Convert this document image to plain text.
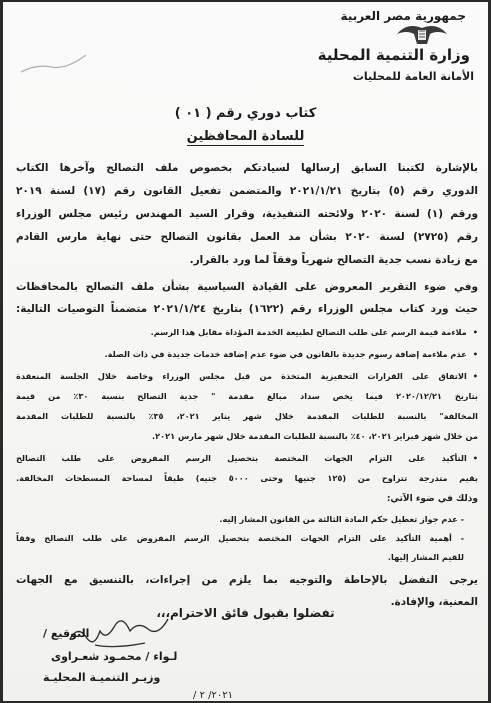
جمهورية مصر العربية
وزارة التنمية المحلية
الأمانة العامة للمحليات
كتاب دوري رقم ( ٠١ )
للسادة المحافظين
بالإشارة لكتبنا السابق إرسالها لسيادتكم بخصوص ملف التصالح وآخرها الكتاب
الدوري رقم (٥) بتاريخ ٢٠٢١/١/٢١ والمتضمن تفعيل القانون رقم (١٧) لسنة ٢٠١٩
ورقم (١) لسنة ٢٠٢٠ ولائحته التنفيذية، وقرار السيد المهندس رئيس مجلس الوزراء
رقم (٢٧٢٥) لسنة ٢٠٢٠ بشأن مد العمل بقانون التصالح حتى نهاية مارس القادم
مع زيادة نسب جدية التصالح شهرياً وفقاً لما ورد بالقرار.
وفي ضوء التقرير المعروض على القيادة السياسية بشأن ملف التصالح بالمحافظات
حيث ورد كتاب مجلس الوزراء رقم (١٦٢٢) بتاريخ ٢٠٢١/١/٢٤ متضمناً التوصيات التالية:
• ملاءمة قيمة الرسم على طلب التصالح لطبيعة الخدمة المؤداة مقابل هذا الرسم.
• عدم ملاءمة إضافة رسوم جديدة بالقانون في ضوء عدم إضافة خدمات جديدة في ذات الصلة.
• الاتفاق على القرارات التحفيزية المتخذة من قبل مجلس الوزراء وخاصة خلال الجلسة المنعقدة
بتاريخ ٢٠٢٠/١٢/٢١ فيما يخص سداد مبالغ مقدمة " جدية التصالح بنسبة ٣٠٪ من قيمة
المخالفة" بالنسبة للطلبات المقدمة خلال شهر يناير ٢٠٢١، ٣٥٪ بالنسبة للطلبات المقدمة
من خلال شهر فبراير ٢٠٢١، ٤٠٪ بالنسبة للطلبات المقدمة خلال شهر مارس ٢٠٢١.
• التأكيد على التزام الجهات المختصة بتحصيل الرسم المفروض على طلب التصالح
بقيم متدرجة تتراوح من (١٢٥ جنيها وحتى ٥٠٠٠ جنيه) طبقاً لمساحة المسطحات المخالفة.
وذلك في ضوء الآتي:
- عدم جواز تعطيل حكم المادة الثالثة من القانون المشار إليه.
- أهمية التأكيد على التزام الجهات المختصة بتحصيل الرسم المفروض على طلب التصالح وفقاً
للقيم المشار إليها.
يرجى التفضل بالإحاطة والتوجيه بما يلزم من إجراءات، بالتنسيق مع الجهات
المعنية، والإفادة.
تفضلوا بقبول فائق الاحترام،،،
التوقيع /
لـواء / محمـود شعـراوى
وزيـر التنميـة المحليـة
٢٠٢١/ ٢ /
